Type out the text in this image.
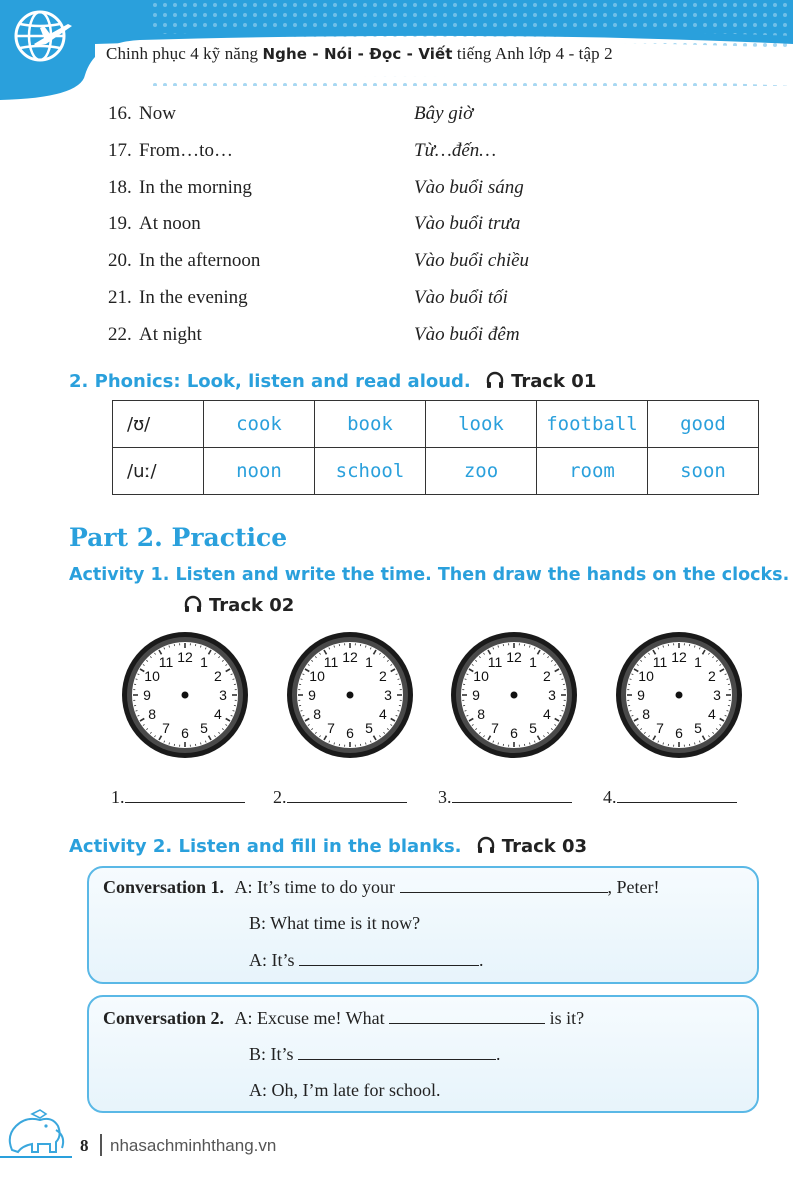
Chinh phục 4 kỹ năng Nghe - Nói - Đọc - Viết tiếng Anh lớp 4 - tập 2
16. Now	Bây giờ
17. From…to…	Từ…đến…
18. In the morning	Vào buổi sáng
19. At noon	Vào buổi trưa
20. In the afternoon	Vào buổi chiều
21. In the evening	Vào buổi tối
22. At night	Vào buổi đêm
2. Phonics: Look, listen and read aloud. Track 01
/ʊ/	cook	book	look	football	good
/uː/	noon	school	zoo	room	soon
Part 2. Practice
Activity 1. Listen and write the time. Then draw the hands on the clocks.
Track 02
12 1
2
3
4
5
6
7
8
9
10
11	12 1
2
3
4
5
6
7
8
9
10
11	12 1
2
3
4
5
6
7
8
9
10
11	12 1
2
3
4
5
6
7
8
9
10
11
1.	2.	3.	4.
Activity 2. Listen and fill in the blanks. Track 03
Conversation 1. A: It’s time to do your	, Peter!
B: What time is it now?
A: It’s	.
Conversation 2. A: Excuse me! What	is it?
B: It’s	.
A: Oh, I’m late for school.
8 nhasachminhthang.vn
